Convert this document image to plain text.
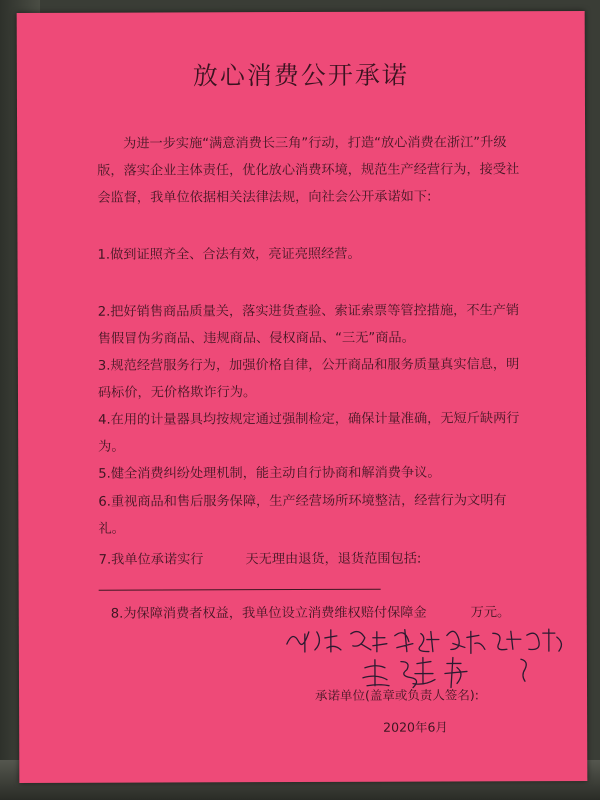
放心消费公开承诺
为进一步实施“满意消费长三角”行动，打造“放心消费在浙江”升级版，落实企业主体责任，优化放心消费环境，规范生产经营行为，接受社会监督，我单位依据相关法律法规，向社会公开承诺如下:
1.做到证照齐全、合法有效，亮证亮照经营。
2.把好销售商品质量关，落实进货查验、索证索票等管控措施，不生产销售假冒伪劣商品、违规商品、侵权商品、“三无”商品。
3.规范经营服务行为，加强价格自律，公开商品和服务质量真实信息，明码标价，无价格欺诈行为。
4.在用的计量器具均按规定通过强制检定，确保计量准确，无短斤缺两行为。
5.健全消费纠纷处理机制，能主动自行协商和解消费争议。
6.重视商品和售后服务保障，生产经营场所环境整洁，经营行为文明有礼。
7.我单位承诺实行	天无理由退货，退货范围包括:
8.为保障消费者权益，我单位设立消费维权赔付保障金	万元。
承诺单位(盖章或负责人签名):
2020年6月
